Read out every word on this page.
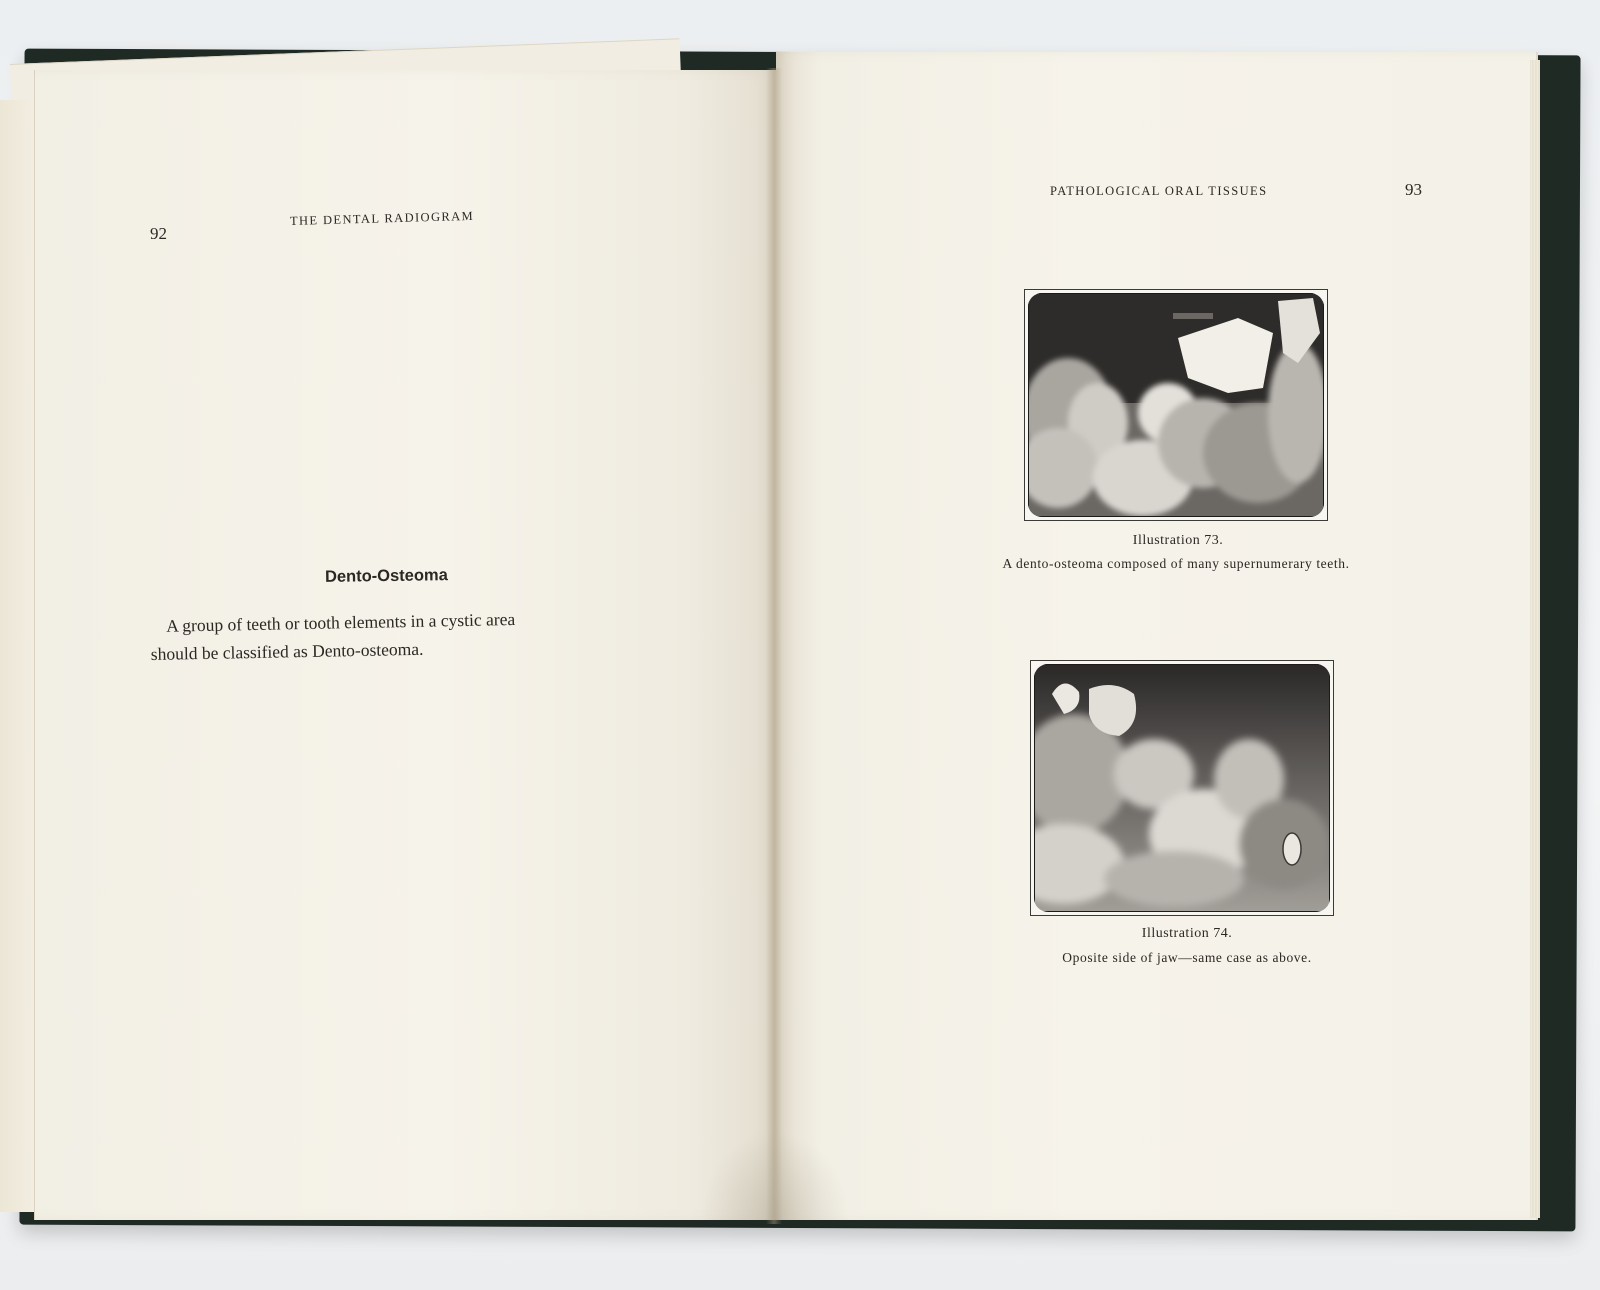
92
THE DENTAL RADIOGRAM
Dento-Osteoma
A group of teeth or tooth elements in a cystic area
should be classified as Dento-osteoma.
PATHOLOGICAL ORAL TISSUES	93
Illustration 73.
A dento-osteoma composed of many supernumerary teeth.
Illustration 74.
Oposite side of jaw—same case as above.
